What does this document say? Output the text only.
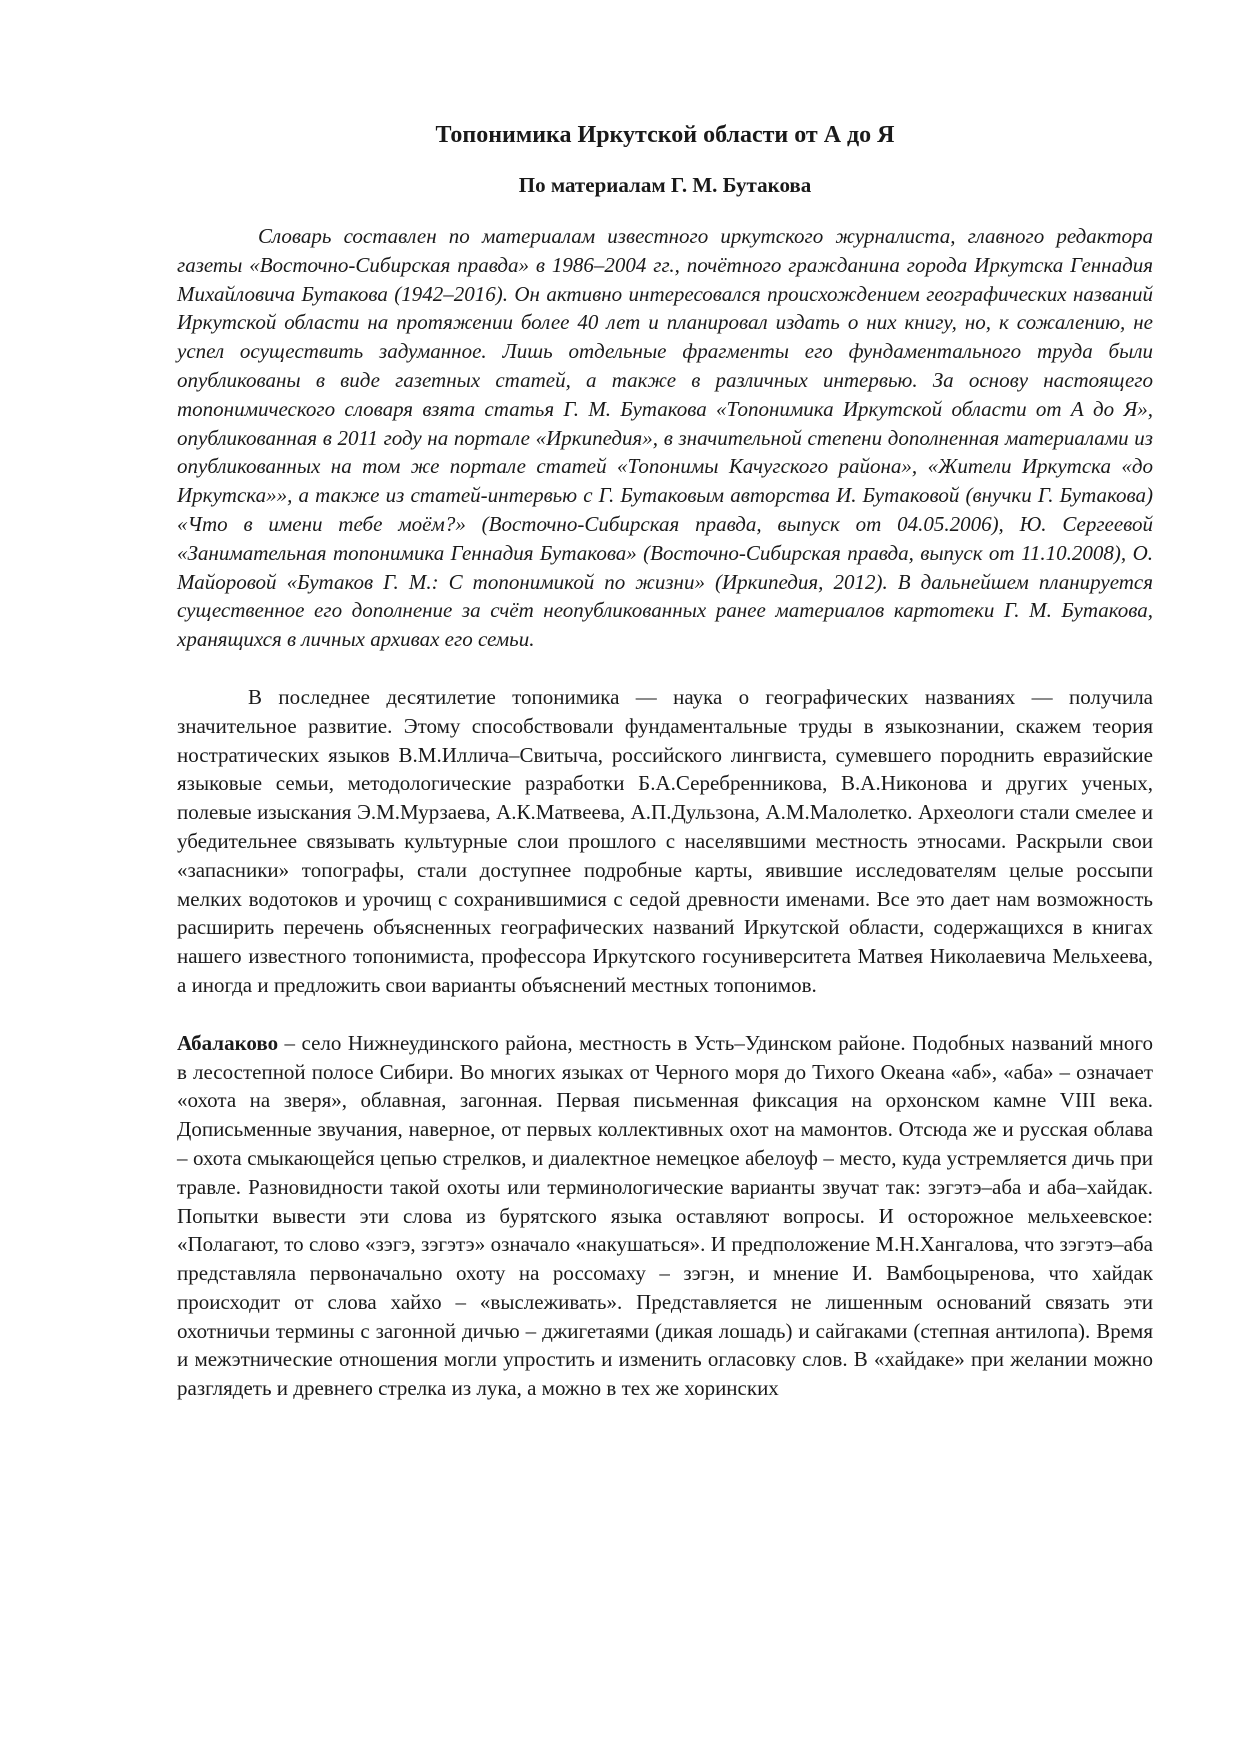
Топонимика Иркутской области от А до Я
По материалам Г. М. Бутакова

Словарь составлен по материалам известного иркутского журналиста, главного редактора газеты «Восточно-Сибирская правда» в 1986–2004 гг., почётного гражданина города Иркутска Геннадия Михайловича Бутакова (1942–2016). Он активно интересовался происхождением географических названий Иркутской области на протяжении более 40 лет и планировал издать о них книгу, но, к сожалению, не успел осуществить задуманное. Лишь отдельные фрагменты его фундаментального труда были опубликованы в виде газетных статей, а также в различных интервью. За основу настоящего топонимического словаря взята статья Г. М. Бутакова «Топонимика Иркутской области от А до Я», опубликованная в 2011 году на портале «Иркипедия», в значительной степени дополненная материалами из опубликованных на том же портале статей «Топонимы Качугского района», «Жители Иркутска «до Иркутска»», а также из статей-интервью с Г. Бутаковым авторства И. Бутаковой (внучки Г. Бутакова) «Что в имени тебе моём?» (Восточно-Сибирская правда, выпуск от 04.05.2006), Ю. Сергеевой «Занимательная топонимика Геннадия Бутакова» (Восточно-Сибирская правда, выпуск от 11.10.2008), О. Майоровой «Бутаков Г. М.: С топонимикой по жизни» (Иркипедия, 2012). В дальнейшем планируется существенное его дополнение за счёт неопубликованных ранее материалов картотеки Г. М. Бутакова, хранящихся в личных архивах его семьи.

В последнее десятилетие топонимика — наука о географических названиях — получила значительное развитие. Этому способствовали фундаментальные труды в языкознании, скажем теория ностратических языков В.М.Иллича–Свитыча, российского лингвиста, сумевшего породнить евразийские языковые семьи, методологические разработки Б.А.Серебренникова, В.А.Никонова и других ученых, полевые изыскания Э.М.Мурзаева, А.К.Матвеева, А.П.Дульзона, А.М.Малолетко. Археологи стали смелее и убедительнее связывать культурные слои прошлого с населявшими местность этносами. Раскрыли свои «запасники» топографы, стали доступнее подробные карты, явившие исследователям целые россыпи мелких водотоков и урочищ с сохранившимися с седой древности именами. Все это дает нам возможность расширить перечень объясненных географических названий Иркутской области, содержащихся в книгах нашего известного топонимиста, профессора Иркутского госуниверситета Матвея Николаевича Мельхеева, а иногда и предложить свои варианты объяснений местных топонимов.

Абалаково – село Нижнеудинского района, местность в Усть–Удинском районе. Подобных названий много в лесостепной полосе Сибири. Во многих языках от Черного моря до Тихого Океана «аб», «аба» – означает «охота на зверя», облавная, загонная. Первая письменная фиксация на орхонском камне VIII века. Дописьменные звучания, наверное, от первых коллективных охот на мамонтов. Отсюда же и русская облава – охота смыкающейся цепью стрелков, и диалектное немецкое абелоуф – место, куда устремляется дичь при травле. Разновидности такой охоты или терминологические варианты звучат так: зэгэтэ–аба и аба–хайдак. Попытки вывести эти слова из бурятского языка оставляют вопросы. И осторожное мельхеевское: «Полагают, то слово «зэгэ, зэгэтэ» означало «накушаться». И предположение М.Н.Хангалова, что зэгэтэ–аба представляла первоначально охоту на россомаху – зэгэн, и мнение И. Вамбоцыренова, что хайдак происходит от слова хайхо – «выслеживать». Представляется не лишенным оснований связать эти охотничьи термины с загонной дичью – джигетаями (дикая лошадь) и сайгаками (степная антилопа). Время и межэтнические отношения могли упростить и изменить огласовку слов. В «хайдаке» при желании можно разглядеть и древнего стрелка из лука, а можно в тех же хоринских
